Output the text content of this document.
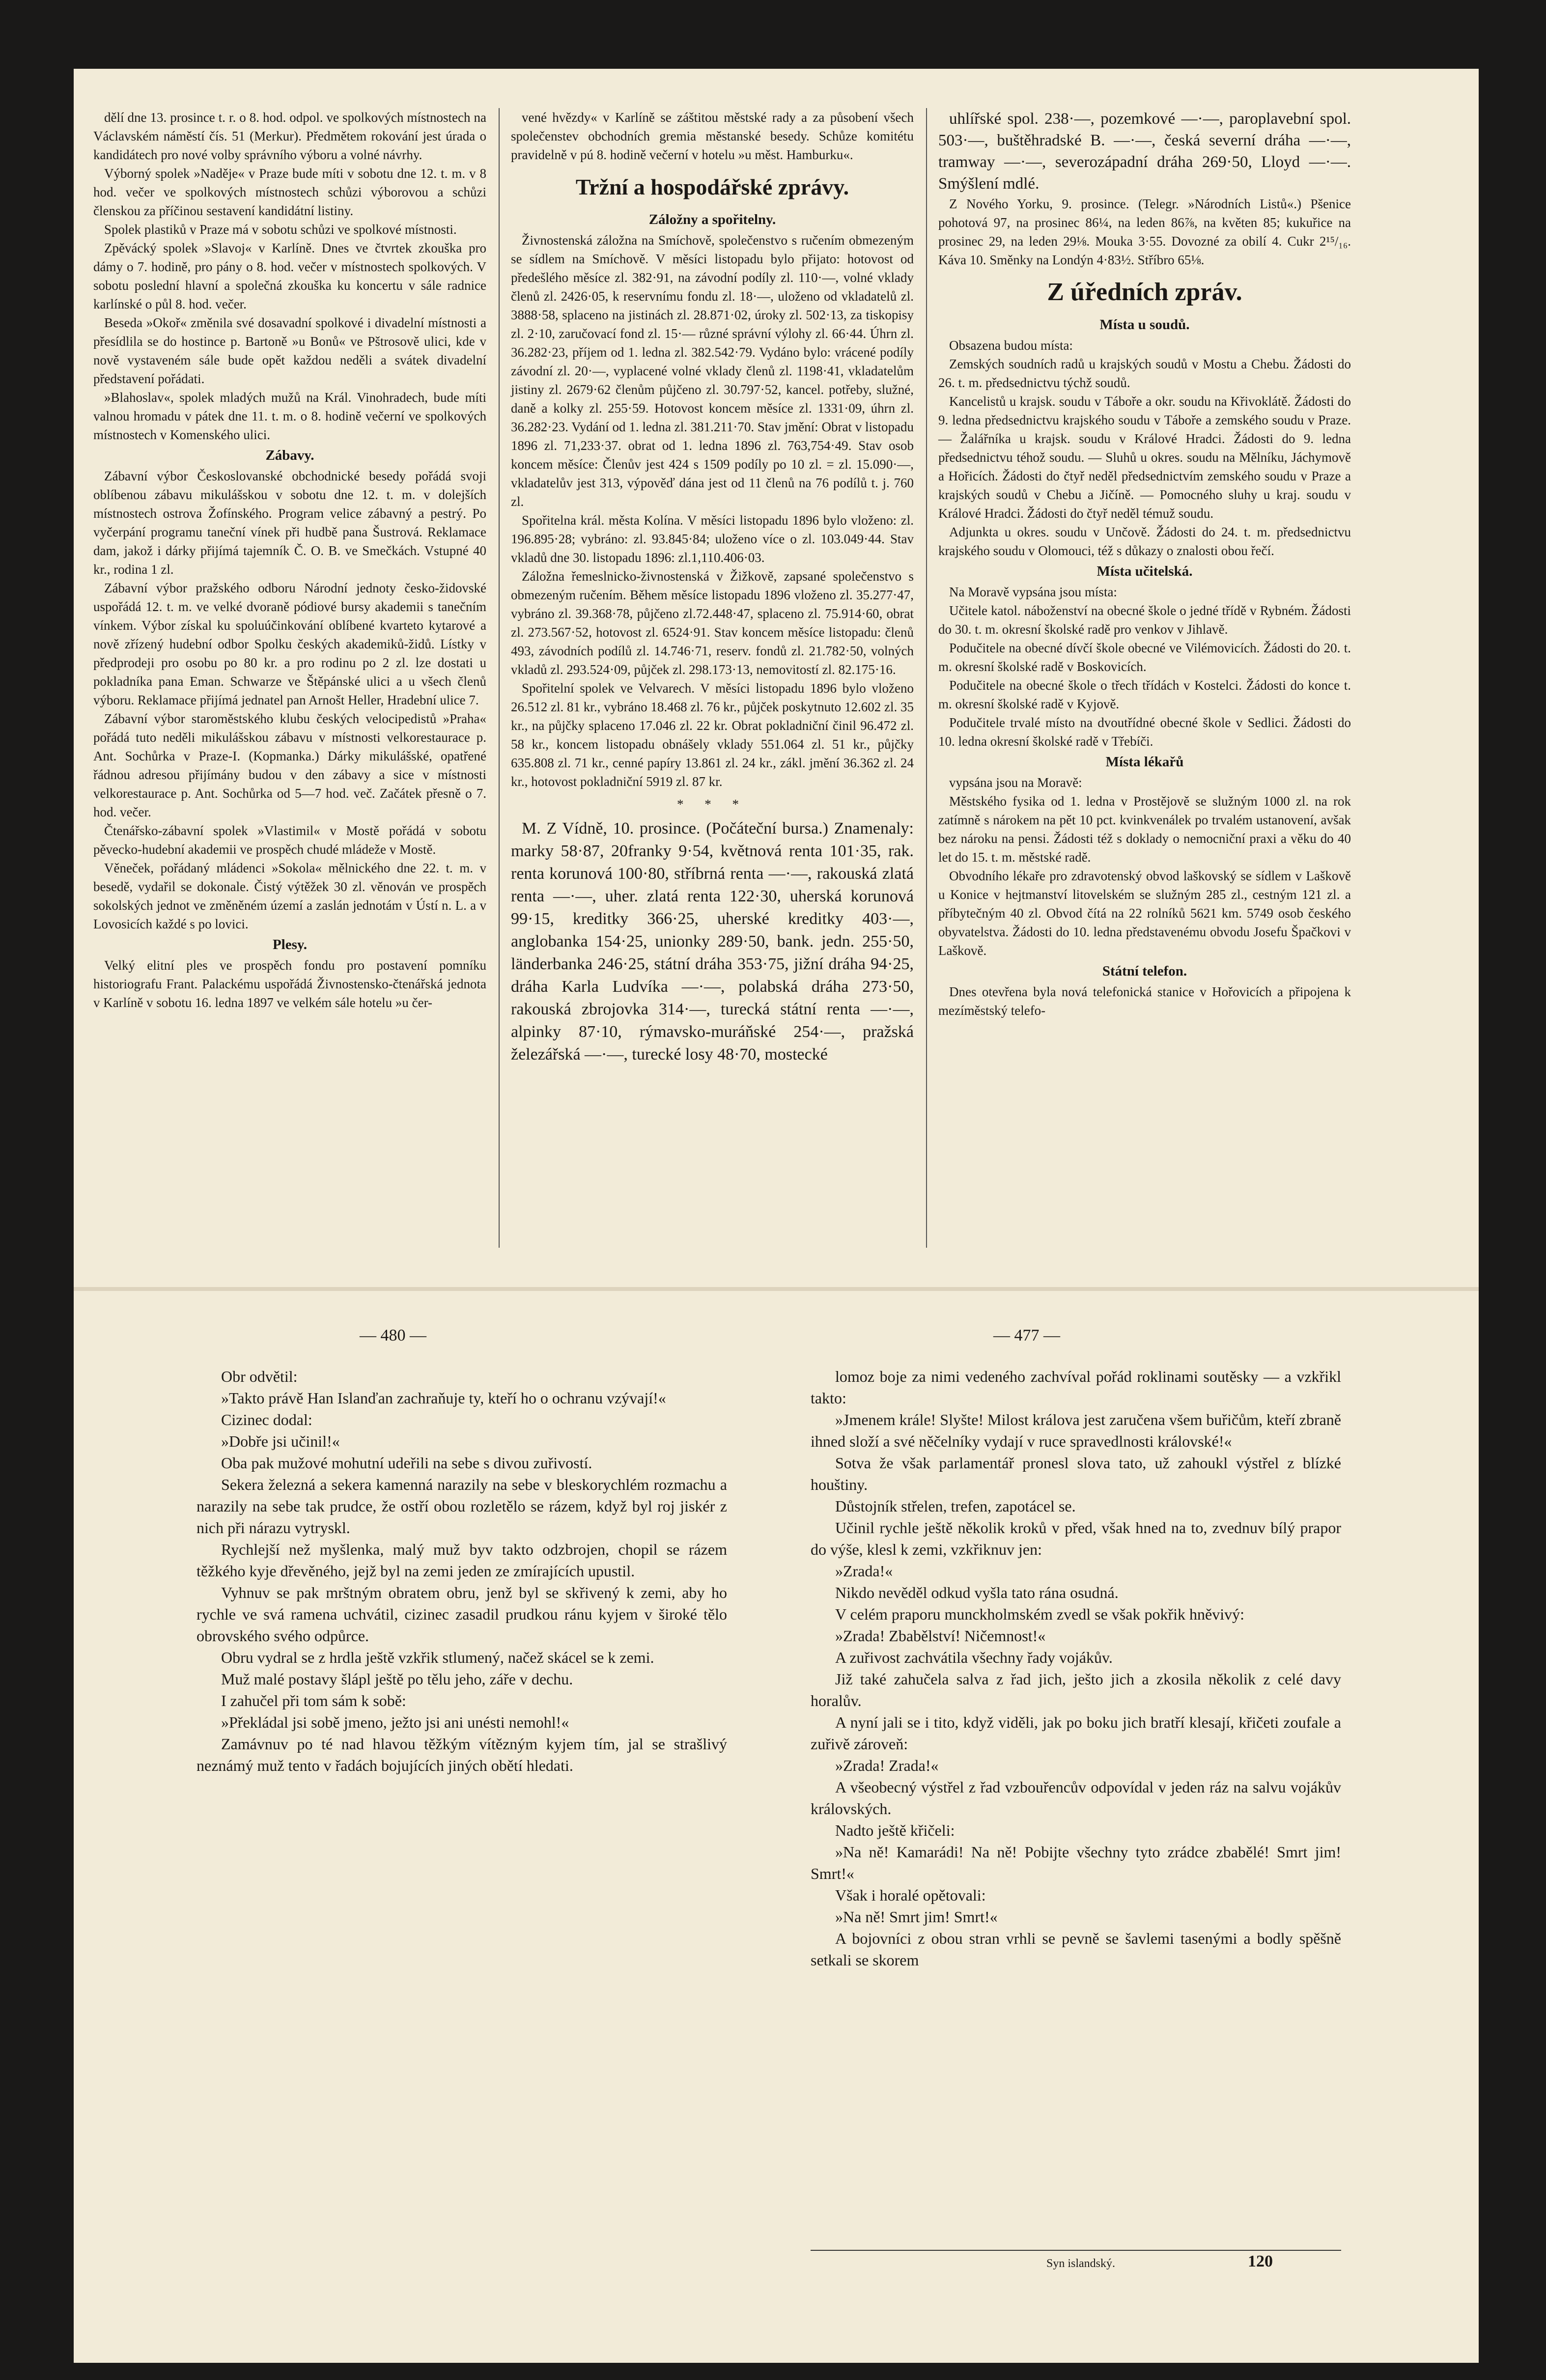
dělí dne 13. prosince t. r. o 8. hod. odpol. ve spolkových místnostech na Václavském náměstí čís. 51 (Merkur). Předmětem rokování jest úrada o kandidátech pro nové volby správního výboru a volné návrhy.

Výborný spolek »Naděje« v Praze bude míti v sobotu dne 12. t. m. v 8 hod. večer ve spolkových místnostech schůzi výborovou a schůzi členskou za příčinou sestavení kandidátní listiny.

Spolek plastiků v Praze má v sobotu schůzi ve spolkové místnosti.

Zpěvácký spolek »Slavoj« v Karlíně. Dnes ve čtvrtek zkouška pro dámy o 7. hodině, pro pány o 8. hod. večer v místnostech spolkových. V sobotu poslední hlavní a společná zkouška ku koncertu v sále radnice karlínské o půl 8. hod. večer.

Beseda »Okoř« změnila své dosavadní spolkové i divadelní místnosti a přesídlila se do hostince p. Bartoně »u Bonů« ve Pštrosově ulici, kde v nově vystaveném sále bude opět každou neděli a svátek divadelní představení pořádati.

»Blahoslav«, spolek mladých mužů na Král. Vinohradech, bude míti valnou hromadu v pátek dne 11. t. m. o 8. hodině večerní ve spolkových místnostech v Komenského ulici.

Zábavy.

Zábavní výbor Českoslovanské obchodnické besedy pořádá svoji oblíbenou zábavu mikulášskou v sobotu dne 12. t. m. v dolejších místnostech ostrova Žofínského. Program velice zábavný a pestrý. Po vyčerpání programu taneční vínek při hudbě pana Šustrová. Reklamace dam, jakož i dárky přijímá tajemník Č. O. B. ve Smečkách. Vstupné 40 kr., rodina 1 zl.

Zábavní výbor pražského odboru Národní jednoty česko-židovské uspořádá 12. t. m. ve velké dvoraně pódiové bursy akademii s tanečním vínkem. Výbor získal ku spoluúčinkování oblíbené kvarteto kytarové a nově zřízený hudební odbor Spolku českých akademiků-židů. Lístky v předprodeji pro osobu po 80 kr. a pro rodinu po 2 zl. lze dostati u pokladníka pana Eman. Schwarze ve Štěpánské ulici a u všech členů výboru. Reklamace přijímá jednatel pan Arnošt Heller, Hradební ulice 7.

Zábavní výbor staroměstského klubu českých velocipedistů »Praha« pořádá tuto neděli mikulášskou zábavu v místnosti velkorestaurace p. Ant. Sochůrka v Praze-I. (Kopmanka.) Dárky mikulášské, opatřené řádnou adresou přijímány budou v den zábavy a sice v místnosti velkorestaurace p. Ant. Sochůrka od 5—7 hod. več. Začátek přesně o 7. hod. večer.

Čtenářsko-zábavní spolek »Vlastimil« v Mostě pořádá v sobotu pěvecko-hudební akademii ve prospěch chudé mládeže v Mostě.

Věneček, pořádaný mládenci »Sokola« mělnického dne 22. t. m. v besedě, vydařil se dokonale. Čistý výtěžek 30 zl. věnován ve prospěch sokolských jednot ve změněném území a zaslán jednotám v Ústí n. L. a v Lovosicích každé s po lovici.

Plesy.

Velký elitní ples ve prospěch fondu pro postavení pomníku historiografu Frant. Palackému uspořádá Živnostensko-čtenářská jednota v Karlíně v sobotu 16. ledna 1897 ve velkém sále hotelu »u čer-

vené hvězdy« v Karlíně se záštitou městské rady a za působení všech společenstev obchodních gremia městanské besedy. Schůze komitétu pravidelně v pú 8. hodině večerní v hotelu »u měst. Hamburku«.

Tržní a hospodářské zprávy.

Záložny a spořitelny.

Živnostenská záložna na Smíchově, společenstvo s ručením obmezeným se sídlem na Smíchově. V měsíci listopadu bylo přijato: hotovost od předešlého měsíce zl. 382·91, na závodní podíly zl. 110·—, volné vklady členů zl. 2426·05, k reservnímu fondu zl. 18·—, uloženo od vkladatelů zl. 3888·58, splaceno na jistinách zl. 28.871·02, úroky zl. 502·13, za tiskopisy zl. 2·10, zaručovací fond zl. 15·— různé správní výlohy zl. 66·44. Úhrn zl. 36.282·23, příjem od 1. ledna zl. 382.542·79. Vydáno bylo: vrácené podíly závodní zl. 20·—, vyplacené volné vklady členů zl. 1198·41, vkladatelům jistiny zl. 2679·62 členům půjčeno zl. 30.797·52, kancel. potřeby, služné, daně a kolky zl. 255·59. Hotovost koncem měsíce zl. 1331·09, úhrn zl. 36.282·23. Vydání od 1. ledna zl. 381.211·70. Stav jmění: Obrat v listopadu 1896 zl. 71,233·37. obrat od 1. ledna 1896 zl. 763,754·49. Stav osob koncem měsíce: Členův jest 424 s 1509 podíly po 10 zl. = zl. 15.090·—, vkladatelův jest 313, výpověď dána jest od 11 členů na 76 podílů t. j. 760 zl.

Spořitelna král. města Kolína. V měsíci listopadu 1896 bylo vloženo: zl. 196.895·28; vybráno: zl. 93.845·84; uloženo více o zl. 103.049·44. Stav vkladů dne 30. listopadu 1896: zl.1,110.406·03.

Záložna řemeslnicko-živnostenská v Žižkově, zapsané společenstvo s obmezeným ručením. Během měsíce listopadu 1896 vloženo zl. 35.277·47, vybráno zl. 39.368·78, půjčeno zl.72.448·47, splaceno zl. 75.914·60, obrat zl. 273.567·52, hotovost zl. 6524·91. Stav koncem měsíce listopadu: členů 493, závodních podílů zl. 14.746·71, reserv. fondů zl. 21.782·50, volných vkladů zl. 293.524·09, půjček zl. 298.173·13, nemovitostí zl. 82.175·16.

Spořitelní spolek ve Velvarech. V měsíci listopadu 1896 bylo vloženo 26.512 zl. 81 kr., vybráno 18.468 zl. 76 kr., půjček poskytnuto 12.602 zl. 35 kr., na půjčky splaceno 17.046 zl. 22 kr. Obrat pokladniční činil 96.472 zl. 58 kr., koncem listopadu obnášely vklady 551.064 zl. 51 kr., půjčky 635.808 zl. 71 kr., cenné papíry 13.861 zl. 24 kr., zákl. jmění 36.362 zl. 24 kr., hotovost pokladniční 5919 zl. 87 kr.

* * *

M. Z Vídně, 10. prosince. (Počáteční bursa.) Znamenaly: marky 58·87, 20franky 9·54, květnová renta 101·35, rak. renta korunová 100·80, stříbrná renta —·—, rakouská zlatá renta —·—, uher. zlatá renta 122·30, uherská korunová 99·15, kreditky 366·25, uherské kreditky 403·—, anglobanka 154·25, unionky 289·50, bank. jedn. 255·50, länderbanka 246·25, státní dráha 353·75, jižní dráha 94·25, dráha Karla Ludvíka —·—, polabská dráha 273·50, rakouská zbrojovka 314·—, turecká státní renta —·—, alpinky 87·10, rýmavsko-muráňské 254·—, pražská železářská —·—, turecké losy 48·70, mostecké

uhlířské spol. 238·—, pozemkové —·—, paroplavební spol. 503·—, buštěhradské B. —·—, česká severní dráha —·—, tramway —·—, severozápadní dráha 269·50, Lloyd —·—. Smýšlení mdlé.

Z Nového Yorku, 9. prosince. (Telegr. »Národních Listů«.) Pšenice pohotová 97, na prosinec 86¼, na leden 86⅞, na květen 85; kukuřice na prosinec 29, na leden 29⅛. Mouka 3·55. Dovozné za obilí 4. Cukr 2¹⁵/₁₆. Káva 10. Směnky na Londýn 4·83½. Stříbro 65⅛.

Z úředních zpráv.

Místa u soudů.

Obsazena budou místa:

Zemských soudních radů u krajských soudů v Mostu a Chebu. Žádosti do 26. t. m. předsednictvu týchž soudů.

Kancelistů u krajsk. soudu v Táboře a okr. soudu na Křivoklátě. Žádosti do 9. ledna předsednictvu krajského soudu v Táboře a zemského soudu v Praze. — Žalářníka u krajsk. soudu v Králové Hradci. Žádosti do 9. ledna předsednictvu téhož soudu. — Sluhů u okres. soudu na Mělníku, Jáchymově a Hořicích. Žádosti do čtyř neděl předsednictvím zemského soudu v Praze a krajských soudů v Chebu a Jičíně. — Pomocného sluhy u kraj. soudu v Králové Hradci. Žádosti do čtyř neděl témuž soudu.

Adjunkta u okres. soudu v Unčově. Žádosti do 24. t. m. předsednictvu krajského soudu v Olomouci, též s důkazy o znalosti obou řečí.

Místa učitelská.

Na Moravě vypsána jsou místa:

Učitele katol. náboženství na obecné škole o jedné třídě v Rybném. Žádosti do 30. t. m. okresní školské radě pro venkov v Jihlavě.

Podučitele na obecné dívčí škole obecné ve Vilémovicích. Žádosti do 20. t. m. okresní školské radě v Boskovicích.

Podučitele na obecné škole o třech třídách v Kostelci. Žádosti do konce t. m. okresní školské radě v Kyjově.

Podučitele trvalé místo na dvoutřídné obecné škole v Sedlici. Žádosti do 10. ledna okresní školské radě v Třebíči.

Místa lékařů

vypsána jsou na Moravě:

Městského fysika od 1. ledna v Prostějově se služným 1000 zl. na rok zatímně s nárokem na pět 10 pct. kvinkvenálek po trvalém ustanovení, avšak bez nároku na pensi. Žádosti též s doklady o nemocniční praxi a věku do 40 let do 15. t. m. městské radě.

Obvodního lékaře pro zdravotenský obvod laškovský se sídlem v Laškově u Konice v hejtmanství litovelském se služným 285 zl., cestným 121 zl. a příbytečným 40 zl. Obvod čítá na 22 rolníků 5621 km. 5749 osob českého obyvatelstva. Žádosti do 10. ledna představenému obvodu Josefu Špačkovi v Laškově.

Státní telefon.

Dnes otevřena byla nová telefonická stanice v Hořovicích a připojena k mezíměstský telefo-

— 480 —	— 477 —

Obr odvětil:

»Takto právě Han Islanďan zachraňuje ty, kteří ho o ochranu vzývají!«

Cizinec dodal:

»Dobře jsi učinil!«

Oba pak mužové mohutní udeřili na sebe s divou zuřivostí.

Sekera železná a sekera kamenná narazily na sebe v bleskorychlém rozmachu a narazily na sebe tak prudce, že ostří obou rozletělo se rázem, když byl roj jiskér z nich při nárazu vytryskl.

Rychlejší než myšlenka, malý muž byv takto odzbrojen, chopil se rázem těžkého kyje dřevěného, jejž byl na zemi jeden ze zmírajících upustil.

Vyhnuv se pak mrštným obratem obru, jenž byl se skřivený k zemi, aby ho rychle ve svá ramena uchvátil, cizinec zasadil prudkou ránu kyjem v široké tělo obrovského svého odpůrce.

Obru vydral se z hrdla ještě vzkřik stlumený, načež skácel se k zemi.

Muž malé postavy šlápl ještě po tělu jeho, záře v dechu.

I zahučel při tom sám k sobě:

»Překládal jsi sobě jmeno, ježto jsi ani unésti nemohl!«

Zamávnuv po té nad hlavou těžkým vítězným kyjem tím, jal se strašlivý neznámý muž tento v řadách bojujících jiných obětí hledati.

lomoz boje za nimi vedeného zachvíval pořád roklinami soutěsky — a vzkřikl takto:

»Jmenem krále! Slyšte! Milost králova jest zaručena všem buřičům, kteří zbraně ihned složí a své něčelníky vydají v ruce spravedlnosti královské!«

Sotva že však parlamentář pronesl slova tato, už zahoukl výstřel z blízké houštiny.

Důstojník střelen, trefen, zapotácel se.

Učinil rychle ještě několik kroků v před, však hned na to, zvednuv bílý prapor do výše, klesl k zemi, vzkřiknuv jen:

»Zrada!«

Nikdo nevěděl odkud vyšla tato rána osudná.

V celém praporu munckholmském zvedl se však pokřik hněvivý:

»Zrada! Zbabělství! Ničemnost!«

A zuřivost zachvátila všechny řady vojákův.

Již také zahučela salva z řad jich, ješto jich a zkosila několik z celé davy horalův.

A nyní jali se i tito, když viděli, jak po boku jich bratří klesají, křičeti zoufale a zuřivě zároveň:

»Zrada! Zrada!«

A všeobecný výstřel z řad vzbouřencův odpovídal v jeden ráz na salvu vojákův královských.

Nadto ještě křičeli:

»Na ně! Kamarádi! Na ně! Pobijte všechny tyto zrádce zbabělé! Smrt jim! Smrt!«

Však i horalé opětovali:

»Na ně! Smrt jim! Smrt!«

A bojovníci z obou stran vrhli se pevně se šavlemi tasenými a bodly spěšně setkali se skorem

Syn islandský.	120
